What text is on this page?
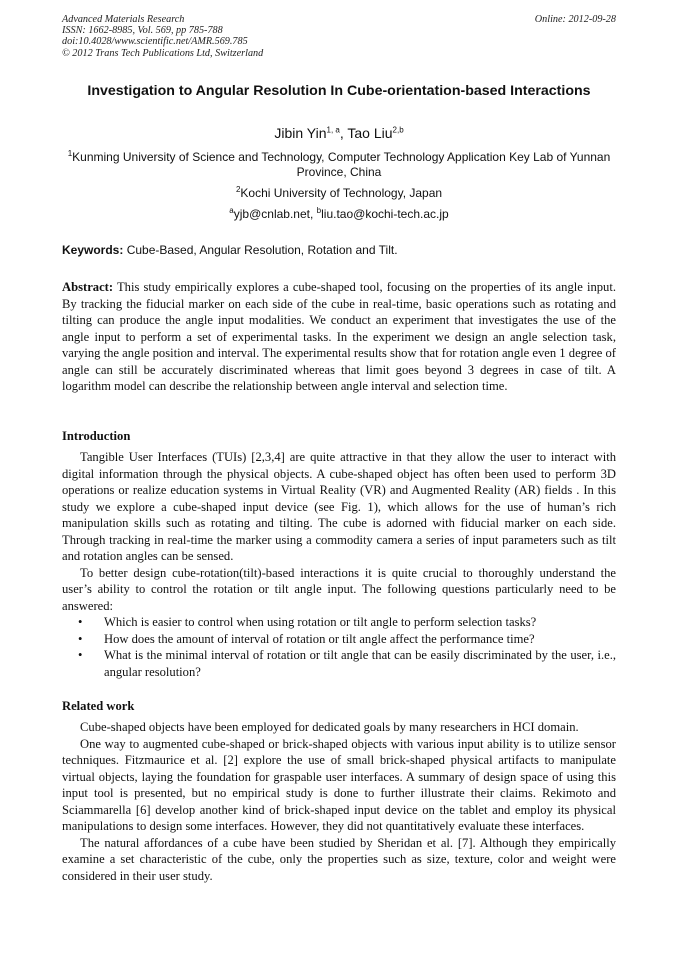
Advanced Materials Research
ISSN: 1662-8985, Vol. 569, pp 785-788
doi:10.4028/www.scientific.net/AMR.569.785
© 2012 Trans Tech Publications Ltd, Switzerland
Online: 2012-09-28
Investigation to Angular Resolution In Cube-orientation-based Interactions
Jibin Yin$^{1, a}$, Tao Liu$^{2,b}$
$^1$Kunming University of Science and Technology, Computer Technology Application Key Lab of Yunnan Province, China
$^2$Kochi University of Technology, Japan
$^a$yjb@cnlab.net, $^b$liu.tao@kochi-tech.ac.jp
Keywords: Cube-Based, Angular Resolution, Rotation and Tilt.

Abstract: This study empirically explores a cube-shaped tool, focusing on the properties of its angle input. By tracking the fiducial marker on each side of the cube in real-time, basic operations such as rotating and tilting can produce the angle input modalities. We conduct an experiment that investigates the use of the angle input to perform a set of experimental tasks. In the experiment we design an angle selection task, varying the angle position and interval. The experimental results show that for rotation angle even 1 degree of angle can still be accurately discriminated whereas that limit goes beyond 3 degrees in case of tilt. A logarithm model can describe the relationship between angle interval and selection time.

Introduction

Tangible User Interfaces (TUIs) [2,3,4] are quite attractive in that they allow the user to interact with digital information through the physical objects. A cube-shaped object has often been used to perform 3D operations or realize education systems in Virtual Reality (VR) and Augmented Reality (AR) fields . In this study we explore a cube-shaped input device (see Fig. 1), which allows for the use of human’s rich manipulation skills such as rotating and tilting. The cube is adorned with fiducial marker on each side. Through tracking in real-time the marker using a commodity camera a series of input parameters such as tilt and rotation angles can be sensed.

To better design cube-rotation(tilt)-based interactions it is quite crucial to thoroughly understand the user’s ability to control the rotation or tilt angle input. The following questions particularly need to be answered:

• Which is easier to control when using rotation or tilt angle to perform selection tasks?
• How does the amount of interval of rotation or tilt angle affect the performance time?
• What is the minimal interval of rotation or tilt angle that can be easily discriminated by the user, i.e., angular resolution?
Related work

Cube-shaped objects have been employed for dedicated goals by many researchers in HCI domain.

One way to augmented cube-shaped or brick-shaped objects with various input ability is to utilize sensor techniques. Fitzmaurice et al. [2] explore the use of small brick-shaped physical artifacts to manipulate virtual objects, laying the foundation for graspable user interfaces. A summary of design space of using this input tool is presented, but no empirical study is done to further illustrate their claims. Rekimoto and Sciammarella [6] develop another kind of brick-shaped input device on the tablet and employ its physical manipulations to design some interfaces. However, they did not quantitatively evaluate these interfaces.

The natural affordances of a cube have been studied by Sheridan et al. [7]. Although they empirically examine a set characteristic of the cube, only the properties such as size, texture, color and weight were considered in their user study.
